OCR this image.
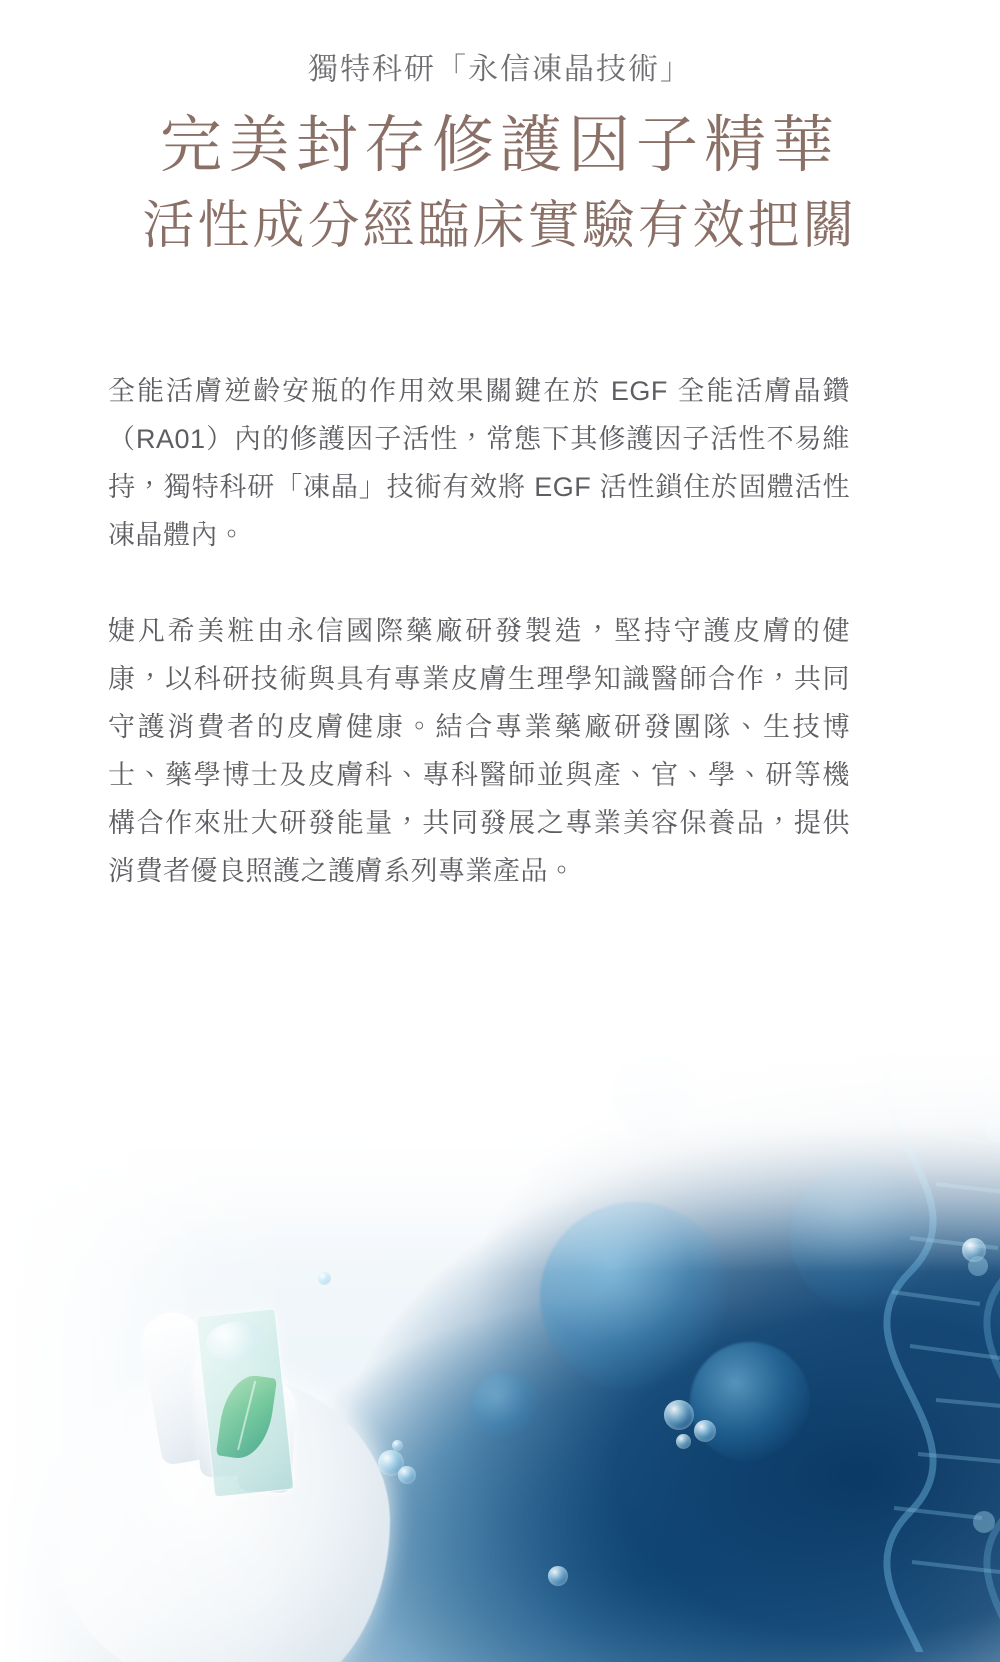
獨特科研「永信凍晶技術」
完美封存修護因子精華
活性成分經臨床實驗有效把關

全能活膚逆齡安瓶的作用效果關鍵在於 EGF 全能活膚晶鑽（RA01）內的修護因子活性，常態下其修護因子活性不易維持，獨特科研「凍晶」技術有效將 EGF 活性鎖住於固體活性凍晶體內。

婕凡希美粧由永信國際藥廠研發製造，堅持守護皮膚的健康，以科研技術與具有專業皮膚生理學知識醫師合作，共同守護消費者的皮膚健康。結合專業藥廠研發團隊、生技博士、藥學博士及皮膚科、專科醫師並與產、官、學、研等機構合作來壯大研發能量，共同發展之專業美容保養品，提供消費者優良照護之護膚系列專業產品。
